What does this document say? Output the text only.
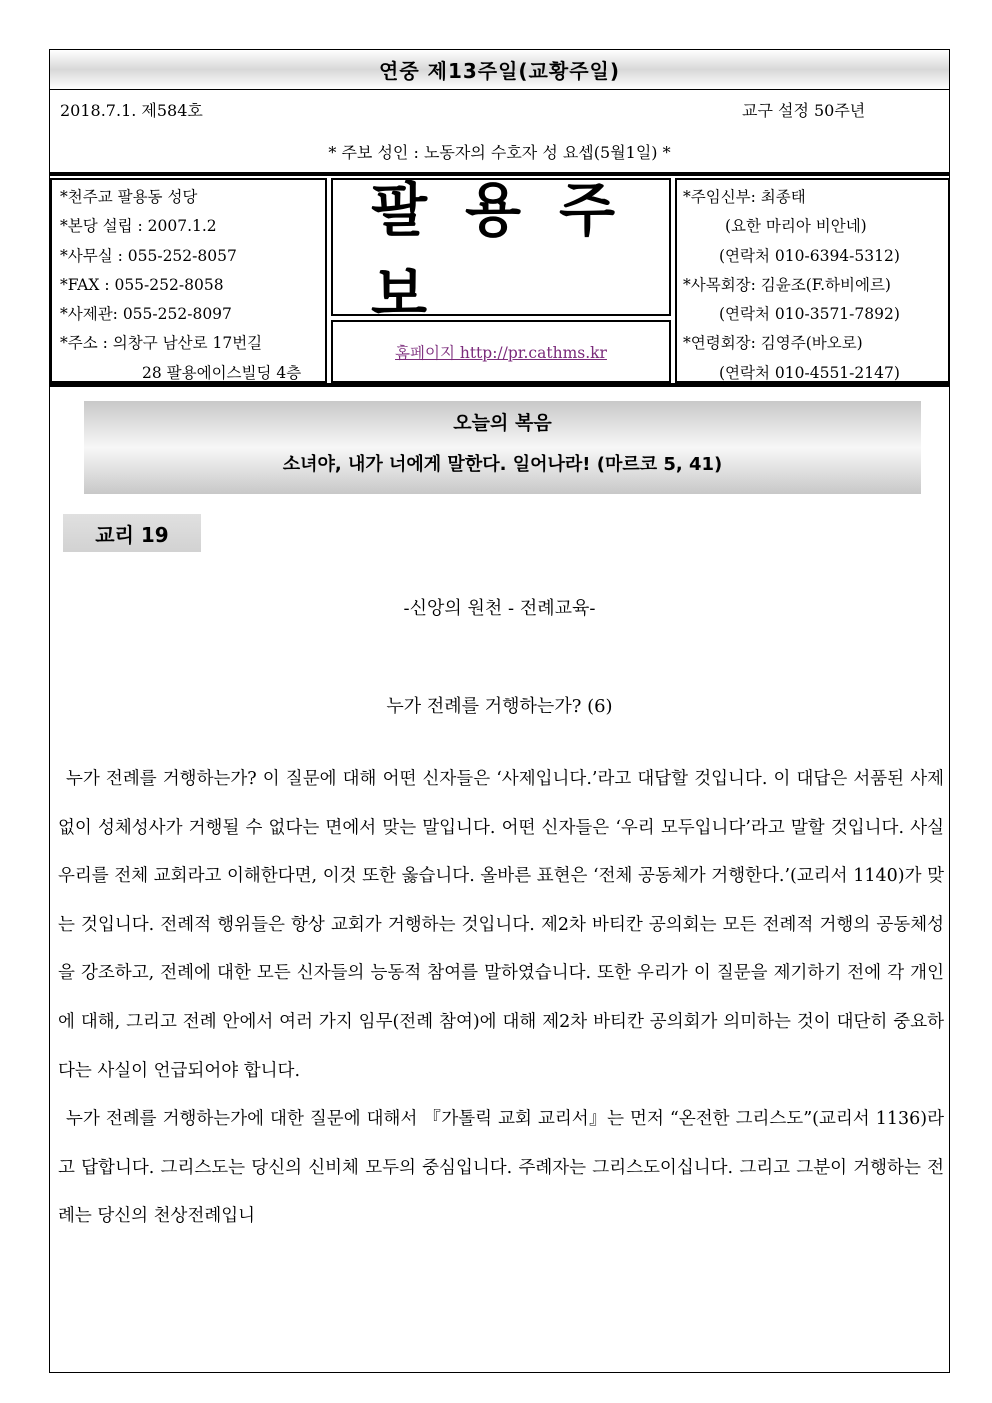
연중 제13주일(교황주일)
2018.7.1. 제584호	교구 설정 50주년
* 주보 성인 : 노동자의 수호자 성 요셉(5월1일) *
*천주교 팔용동 성당
*본당 설립 : 2007.1.2
*사무실 : 055-252-8057
*FAX : 055-252-8058
*사제관: 055-252-8097
*주소 : 의창구 남산로 17번길
28 팔용에이스빌딩 4층
팔용주보
홈페이지 http://pr.cathms.kr
*주임신부: 최종태
(요한 마리아 비안네)
(연락처 010-6394-5312)
*사목회장: 김윤조(F.하비에르)
(연락처 010-3571-7892)
*연령회장: 김영주(바오로)
(연락처 010-4551-2147)
오늘의 복음
소녀야, 내가 너에게 말한다. 일어나라! (마르코 5, 41)
교리 19
-신앙의 원천 - 전례교육-
누가 전례를 거행하는가? (6)

누가 전례를 거행하는가? 이 질문에 대해 어떤 신자들은 ‘사제입니다.’라고 대답할 것입니다. 이 대답은 서품된 사제 없이 성체성사가 거행될 수 없다는 면에서 맞는 말입니다. 어떤 신자들은 ‘우리 모두입니다’라고 말할 것입니다. 사실 우리를 전체 교회라고 이해한다면, 이것 또한 옳습니다. 올바른 표현은 ‘전체 공동체가 거행한다.’(교리서 1140)가 맞는 것입니다. 전례적 행위들은 항상 교회가 거행하는 것입니다. 제2차 바티칸 공의회는 모든 전례적 거행의 공동체성을 강조하고, 전례에 대한 모든 신자들의 능동적 참여를 말하였습니다. 또한 우리가 이 질문을 제기하기 전에 각 개인에 대해, 그리고 전례 안에서 여러 가지 임무(전례 참여)에 대해 제2차 바티칸 공의회가 의미하는 것이 대단히 중요하다는 사실이 언급되어야 합니다.

누가 전례를 거행하는가에 대한 질문에 대해서 『가톨릭 교회 교리서』는 먼저 “온전한 그리스도”(교리서 1136)라고 답합니다. 그리스도는 당신의 신비체 모두의 중심입니다. 주례자는 그리스도이십니다. 그리고 그분이 거행하는 전례는 당신의 천상전례입니
